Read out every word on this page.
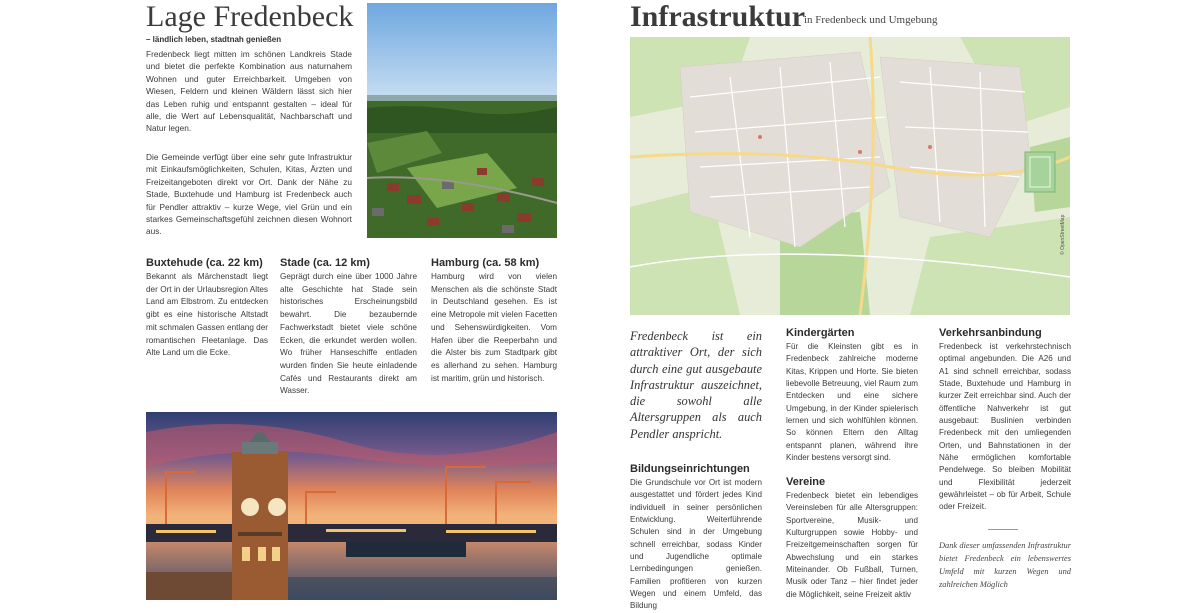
Lage Fredenbeck
– ländlich leben, stadtnah genießen

Fredenbeck liegt mitten im schönen Landkreis Stade und bietet die perfekte Kombination aus naturnahem Wohnen und guter Erreichbarkeit. Umgeben von Wiesen, Feldern und kleinen Wäldern lässt sich hier das Leben ruhig und entspannt gestalten – ideal für alle, die Wert auf Lebensqualität, Nachbarschaft und Natur legen.

Die Gemeinde verfügt über eine sehr gute Infrastruktur mit Einkaufsmöglichkeiten, Schulen, Kitas, Ärzten und Freizeitangeboten direkt vor Ort. Dank der Nähe zu Stade, Buxtehude und Hamburg ist Fredenbeck auch für Pendler attraktiv – kurze Wege, viel Grün und ein starkes Gemeinschaftsgefühl zeichnen diesen Wohnort aus.

Buxtehude (ca. 22 km)

Bekannt als Märchenstadt liegt der Ort in der Urlaubsregion Altes Land am Elbstrom. Zu entdecken gibt es eine historische Altstadt mit schmalen Gassen entlang der romantischen Fleetanlage. Das Alte Land um die Ecke.

Stade (ca. 12 km)

Geprägt durch eine über 1000 Jahre alte Geschichte hat Stade sein historisches Erscheinungsbild bewahrt. Die bezaubernde Fachwerkstadt bietet viele schöne Ecken, die erkundet werden wollen. Wo früher Hanseschiffe entladen wurden finden Sie heute einladende Cafés und Restaurants direkt am Wasser.

Hamburg (ca. 58 km)

Hamburg wird von vielen Menschen als die schönste Stadt in Deutschland gesehen. Es ist eine Metropole mit vielen Facetten und Sehenswürdigkeiten. Vom Hafen über die Reeperbahn und die Alster bis zum Stadtpark gibt es allerhand zu sehen. Hamburg ist maritim, grün und historisch.

Infrastruktur
in Fredenbeck und Umgebung
© OpenStreetMap

Fredenbeck ist ein attraktiver Ort, der sich durch eine gut ausgebaute Infrastruktur auszeichnet, die sowohl alle Altersgruppen als auch Pendler anspricht.

Bildungseinrichtungen

Die Grundschule vor Ort ist modern ausgestattet und fördert jedes Kind individuell in seiner persönlichen Entwicklung. Weiterführende Schulen sind in der Umgebung schnell erreichbar, sodass Kinder und Jugendliche optimale Lernbedingungen genießen. Familien profitieren von kurzen Wegen und einem Umfeld, das Bildung

Kindergärten

Für die Kleinsten gibt es in Fredenbeck zahlreiche moderne Kitas, Krippen und Horte. Sie bieten liebevolle Betreuung, viel Raum zum Entdecken und eine sichere Umgebung, in der Kinder spielerisch lernen und sich wohlfühlen können. So können Eltern den Alltag entspannt planen, während ihre Kinder bestens versorgt sind.

Vereine

Fredenbeck bietet ein lebendiges Vereinsleben für alle Altersgruppen: Sportvereine, Musik- und Kulturgruppen sowie Hobby- und Freizeitgemeinschaften sorgen für Abwechslung und ein starkes Miteinander. Ob Fußball, Turnen, Musik oder Tanz – hier findet jeder die Möglichkeit, seine Freizeit aktiv

Verkehrsanbindung

Fredenbeck ist verkehrstechnisch optimal angebunden. Die A26 und A1 sind schnell erreichbar, sodass Stade, Buxtehude und Hamburg in kurzer Zeit erreichbar sind. Auch der öffentliche Nahverkehr ist gut ausgebaut: Buslinien verbinden Fredenbeck mit den umliegenden Orten, und Bahnstationen in der Nähe ermöglichen komfortable Pendelwege. So bleiben Mobilität und Flexibilität jederzeit gewährleistet – ob für Arbeit, Schule oder Freizeit.

Dank dieser umfassenden Infrastruktur bietet Fredenbeck ein lebenswertes Umfeld mit kurzen Wegen und zahlreichen Möglich
